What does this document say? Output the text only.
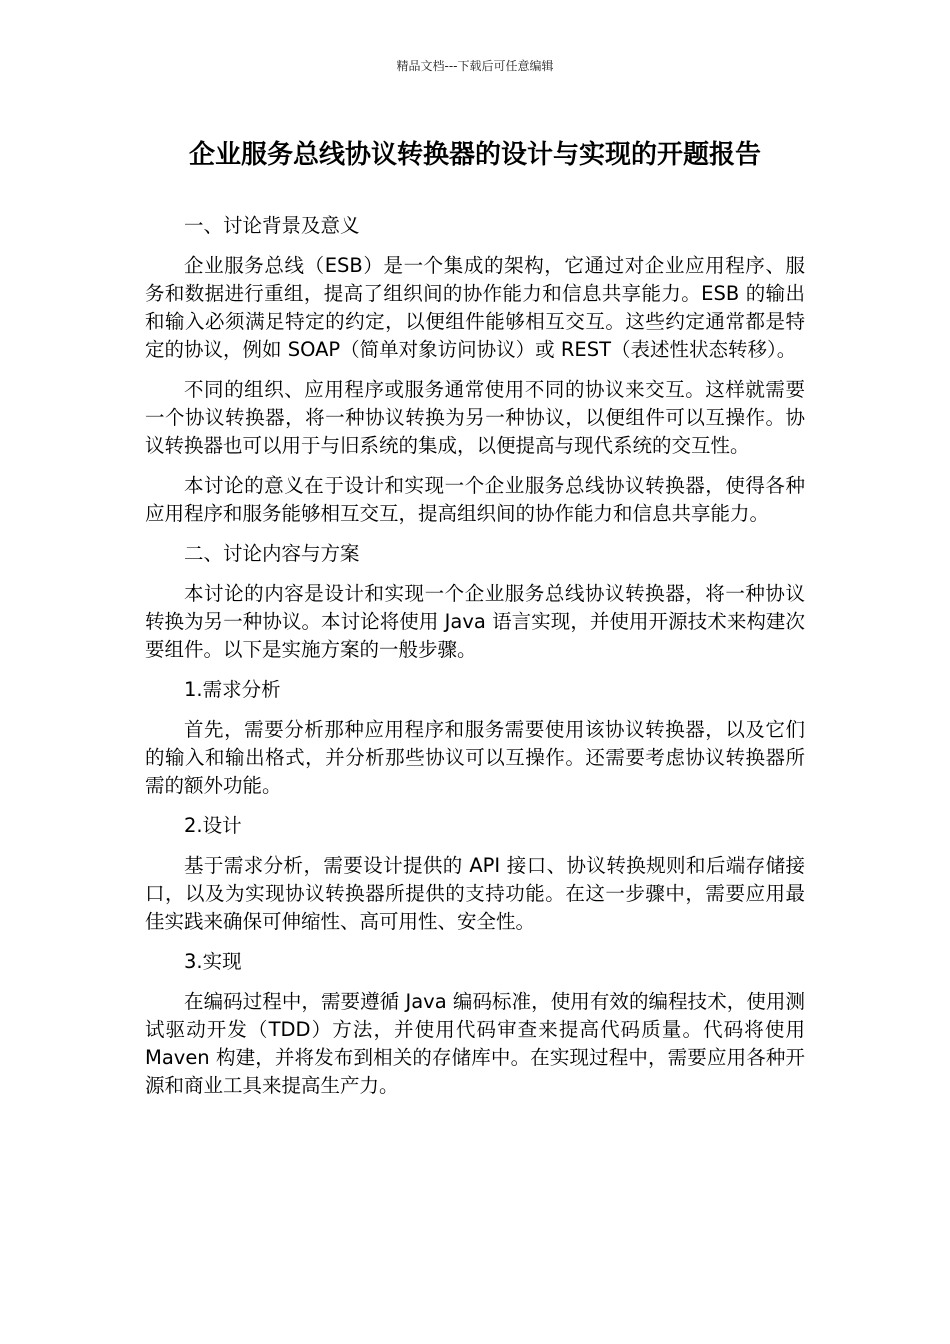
精品文档---下载后可任意编辑
企业服务总线协议转换器的设计与实现的开题报告

一、讨论背景及意义

企业服务总线（ESB）是一个集成的架构，它通过对企业应用程序、服务和数据进行重组，提高了组织间的协作能力和信息共享能力。ESB 的输出和输入必须满足特定的约定，以便组件能够相互交互。这些约定通常都是特定的协议，例如 SOAP（简单对象访问协议）或 REST（表述性状态转移）。

不同的组织、应用程序或服务通常使用不同的协议来交互。这样就需要一个协议转换器，将一种协议转换为另一种协议，以便组件可以互操作。协议转换器也可以用于与旧系统的集成，以便提高与现代系统的交互性。

本讨论的意义在于设计和实现一个企业服务总线协议转换器，使得各种应用程序和服务能够相互交互，提高组织间的协作能力和信息共享能力。

二、讨论内容与方案

本讨论的内容是设计和实现一个企业服务总线协议转换器，将一种协议转换为另一种协议。本讨论将使用 Java 语言实现，并使用开源技术来构建次要组件。以下是实施方案的一般步骤。

1.需求分析

首先，需要分析那种应用程序和服务需要使用该协议转换器，以及它们的输入和输出格式，并分析那些协议可以互操作。还需要考虑协议转换器所需的额外功能。

2.设计

基于需求分析，需要设计提供的 API 接口、协议转换规则和后端存储接口，以及为实现协议转换器所提供的支持功能。在这一步骤中，需要应用最佳实践来确保可伸缩性、高可用性、安全性。

3.实现

在编码过程中，需要遵循 Java 编码标准，使用有效的编程技术，使用测试驱动开发（TDD）方法，并使用代码审查来提高代码质量。代码将使用 Maven 构建，并将发布到相关的存储库中。在实现过程中，需要应用各种开源和商业工具来提高生产力。
